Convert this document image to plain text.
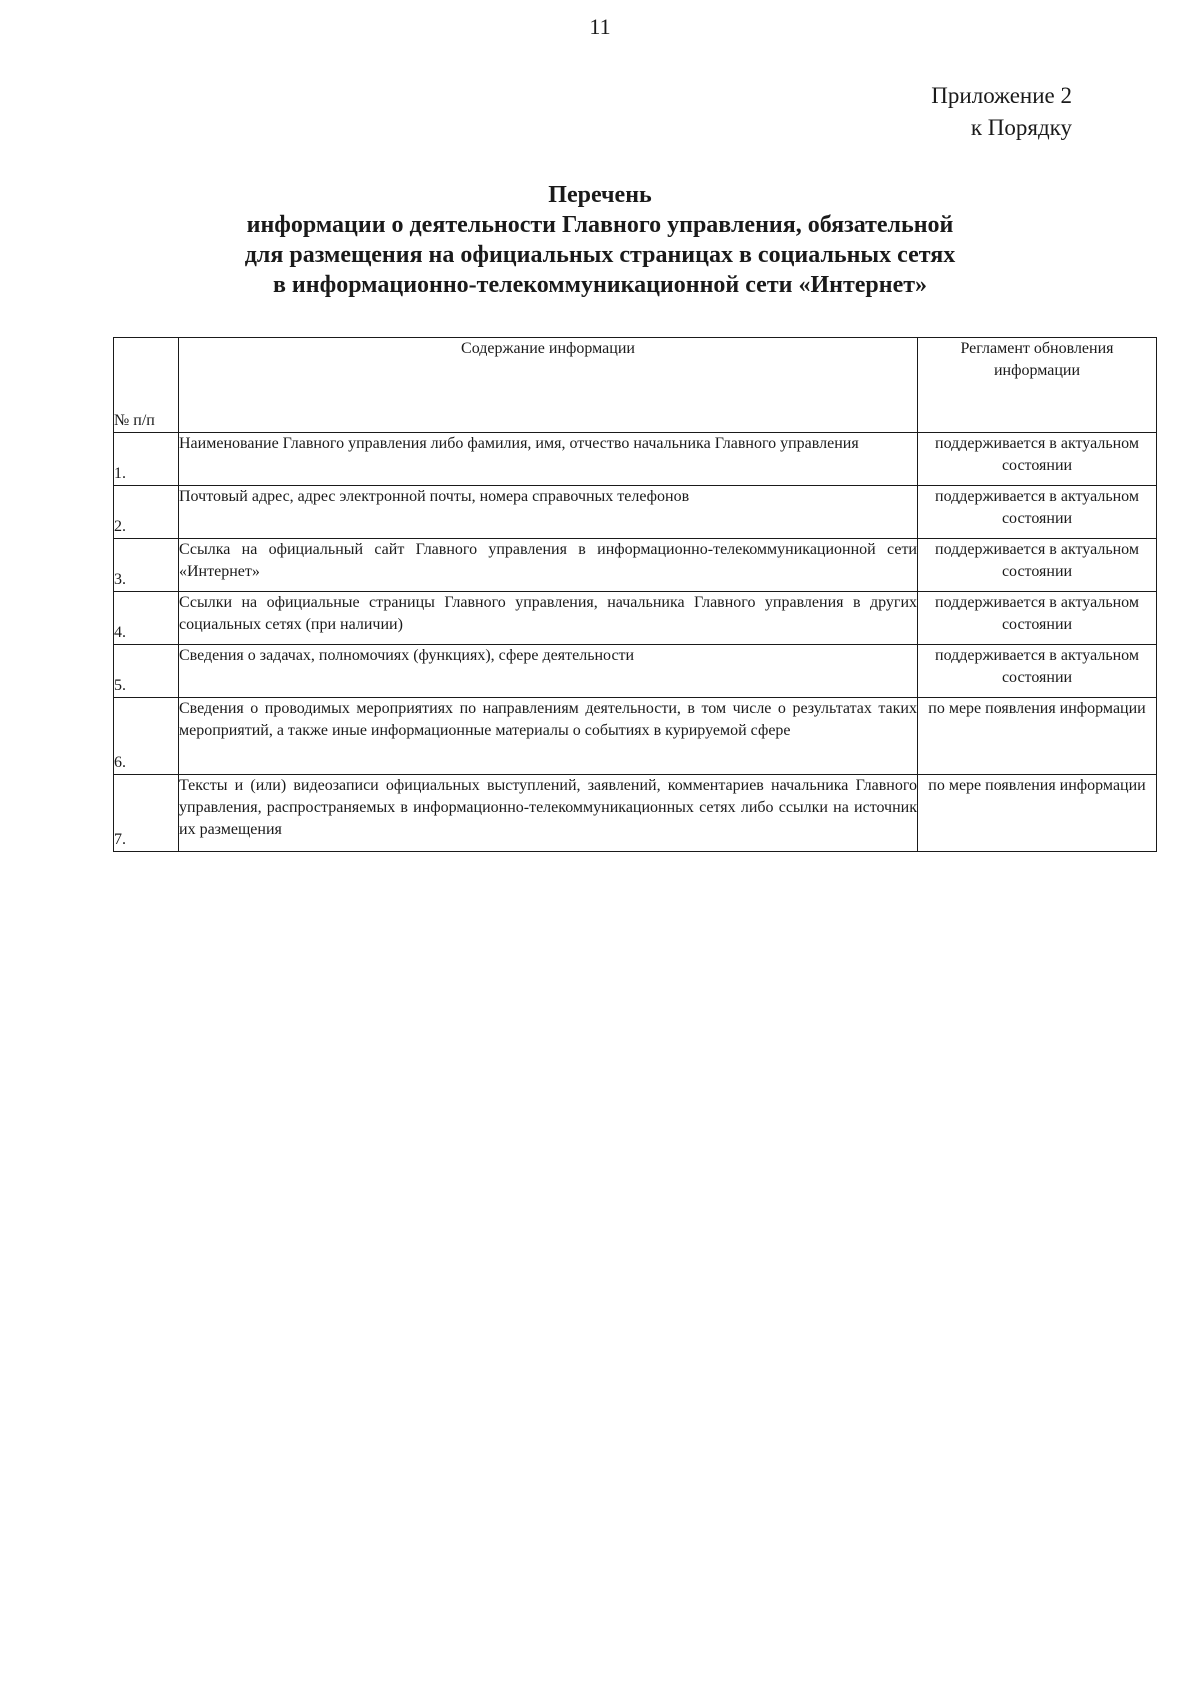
11
Приложение 2
к Порядку
Перечень
информации о деятельности Главного управления, обязательной
для размещения на официальных страницах в социальных сетях
в информационно-телекоммуникационной сети «Интернет»
№ п/п	Содержание информации	Регламент обновления информации
1.	Наименование Главного управления либо фамилия, имя, отчество начальника Главного управления	поддерживается в актуальном состоянии
2.	Почтовый адрес, адрес электронной почты, номера справочных телефонов	поддерживается в актуальном состоянии
3.	Ссылка на официальный сайт Главного управления в информационно-телекоммуникационной сети «Интернет»	поддерживается в актуальном состоянии
4.	Ссылки на официальные страницы Главного управления, начальника Главного управления в других социальных сетях (при наличии)	поддерживается в актуальном состоянии
5.	Сведения о задачах, полномочиях (функциях), сфере деятельности	поддерживается в актуальном состоянии
6.	Сведения о проводимых мероприятиях по направлениям деятельности, в том числе о результатах таких мероприятий, а также иные информационные материалы о событиях в курируемой сфере	по мере появления информации
7.	Тексты и (или) видеозаписи официальных выступлений, заявлений, комментариев начальника Главного управления, распространяемых в информационно-телекоммуникационных сетях либо ссылки на источник их размещения	по мере появления информации
